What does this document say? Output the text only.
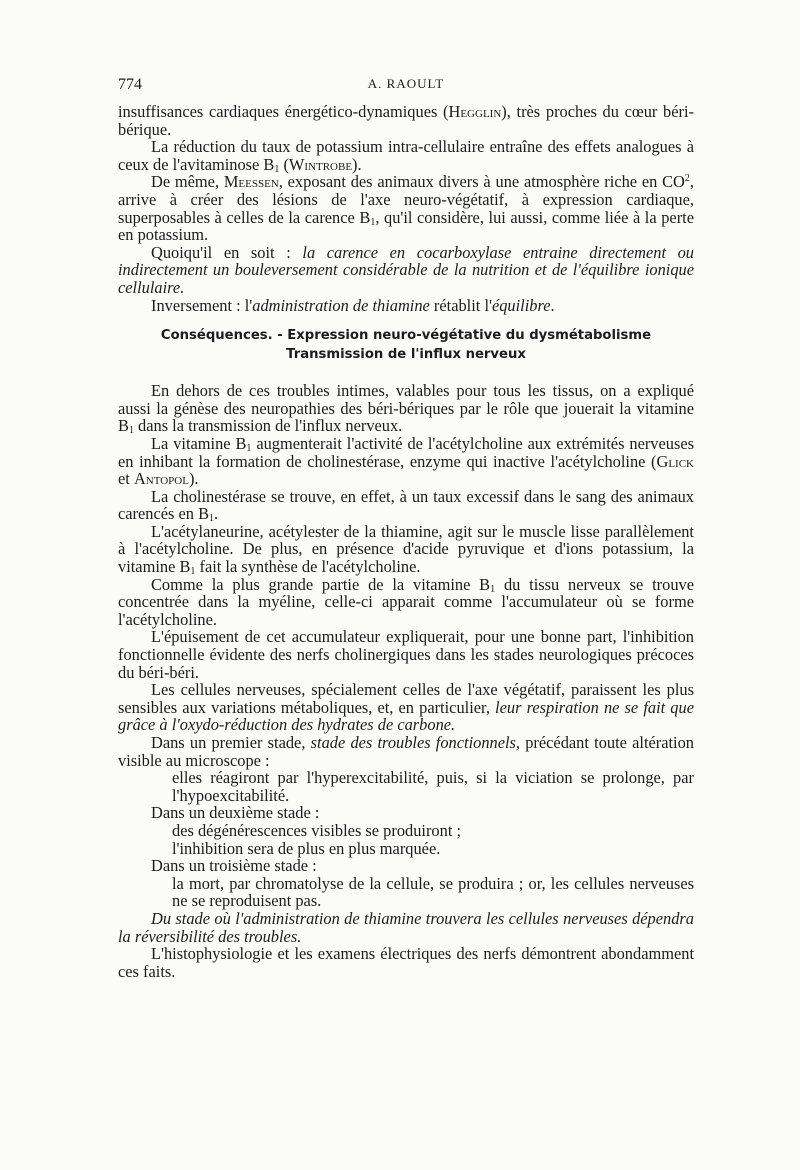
774	A. RAOULT

insuffisances cardiaques énergético-dynamiques (Hegglin), très proches du cœur béri-bérique.

La réduction du taux de potassium intra-cellulaire entraîne des effets analogues à ceux de l'avitaminose $B_1$ (Wintrobe).

De même, Meessen, exposant des animaux divers à une atmosphère riche en $CO^2$, arrive à créer des lésions de l'axe neuro-végétatif, à expression cardiaque, superposables à celles de la carence $B_1$, qu'il considère, lui aussi, comme liée à la perte en potassium.

Quoiqu'il en soit : la carence en cocarboxylase entraine directement ou indirectement un bouleversement considérable de la nutrition et de l'équilibre ionique cellulaire.

Inversement : l'administration de thiamine rétablit l'équilibre.

Conséquences. - Expression neuro-végétative du dysmétabolisme

Transmission de l'influx nerveux

En dehors de ces troubles intimes, valables pour tous les tissus, on a expliqué aussi la génèse des neuropathies des béri-bériques par le rôle que jouerait la vitamine $B_1$ dans la transmission de l'influx nerveux.

La vitamine $B_1$ augmenterait l'activité de l'acétylcholine aux extrémités nerveuses en inhibant la formation de cholinestérase, enzyme qui inactive l'acétylcholine (Glick et Antopol).

La cholinestérase se trouve, en effet, à un taux excessif dans le sang des animaux carencés en $B_1$.

L'acétylaneurine, acétylester de la thiamine, agit sur le muscle lisse parallèlement à l'acétylcholine. De plus, en présence d'acide pyruvique et d'ions potassium, la vitamine $B_1$ fait la synthèse de l'acétylcholine.

Comme la plus grande partie de la vitamine $B_1$ du tissu nerveux se trouve concentrée dans la myéline, celle-ci apparait comme l'accumulateur où se forme l'acétylcholine.

L'épuisement de cet accumulateur expliquerait, pour une bonne part, l'inhibition fonctionnelle évidente des nerfs cholinergiques dans les stades neurologiques précoces du béri-béri.

Les cellules nerveuses, spécialement celles de l'axe végétatif, paraissent les plus sensibles aux variations métaboliques, et, en particulier, leur respiration ne se fait que grâce à l'oxydo-réduction des hydrates de carbone.

Dans un premier stade, stade des troubles fonctionnels, précédant toute altération visible au microscope :

elles réagiront par l'hyperexcitabilité, puis, si la viciation se prolonge, par l'hypoexcitabilité.

Dans un deuxième stade :

des dégénérescences visibles se produiront ;

l'inhibition sera de plus en plus marquée.

Dans un troisième stade :

la mort, par chromatolyse de la cellule, se produira ; or, les cellules nerveuses ne se reproduisent pas.

Du stade où l'administration de thiamine trouvera les cellules nerveuses dépendra la réversibilité des troubles.

L'histophysiologie et les examens électriques des nerfs démontrent abondamment ces faits.
